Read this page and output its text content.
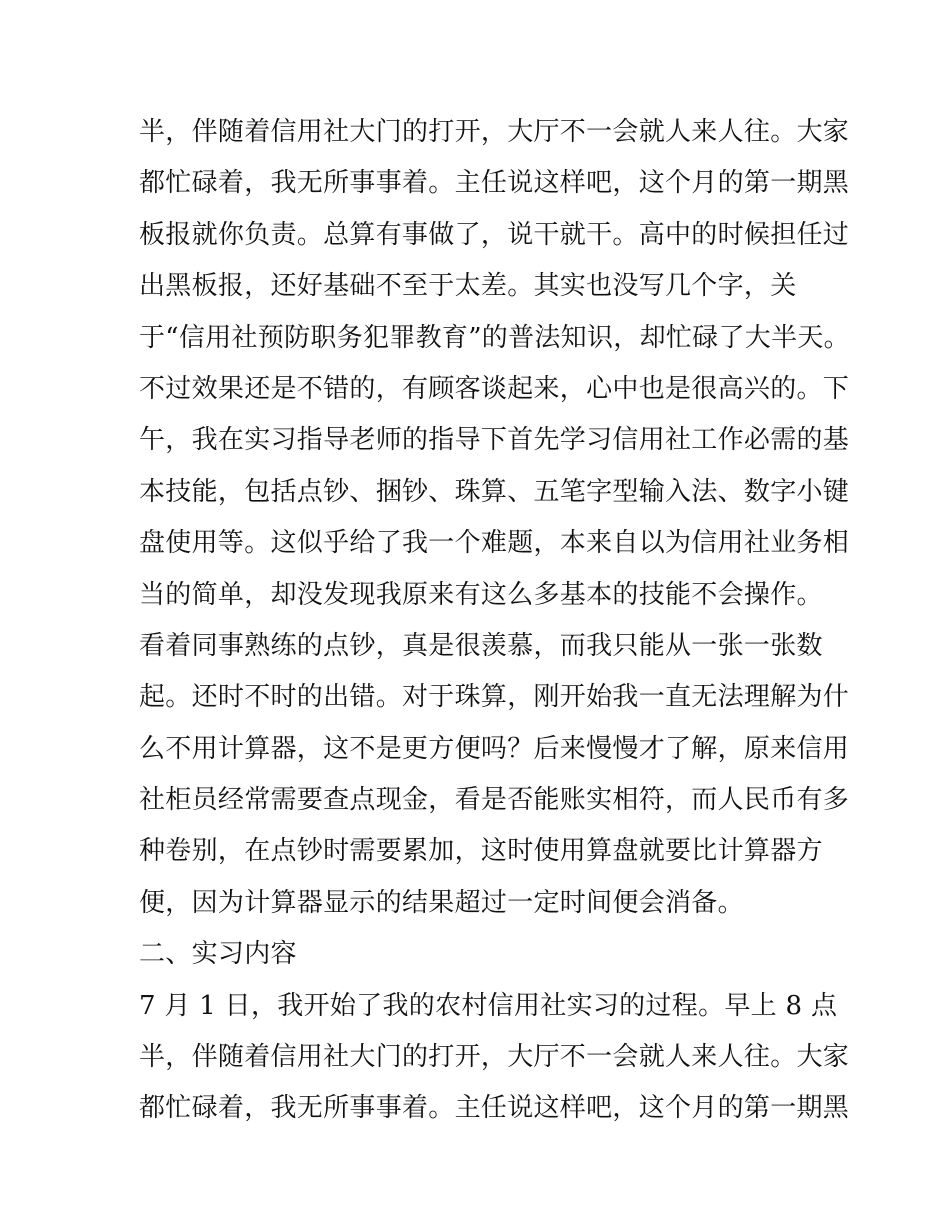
半，伴随着信用社大门的打开，大厅不一会就人来人往。大家
都忙碌着，我无所事事着。主任说这样吧，这个月的第一期黑
板报就你负责。总算有事做了，说干就干。高中的时候担任过
出黑板报，还好基础不至于太差。其实也没写几个字，关
于“信用社预防职务犯罪教育”的普法知识，却忙碌了大半天。
不过效果还是不错的，有顾客谈起来，心中也是很高兴的。下
午，我在实习指导老师的指导下首先学习信用社工作必需的基
本技能，包括点钞、捆钞、珠算、五笔字型输入法、数字小键
盘使用等。这似乎给了我一个难题，本来自以为信用社业务相
当的简单，却没发现我原来有这么多基本的技能不会操作。
看着同事熟练的点钞，真是很羡慕，而我只能从一张一张数
起。还时不时的出错。对于珠算，刚开始我一直无法理解为什
么不用计算器，这不是更方便吗？后来慢慢才了解，原来信用
社柜员经常需要查点现金，看是否能账实相符，而人民币有多
种卷别，在点钞时需要累加，这时使用算盘就要比计算器方
便，因为计算器显示的结果超过一定时间便会消备。
二、实习内容
7 月 1 日，我开始了我的农村信用社实习的过程。早上 8 点
半，伴随着信用社大门的打开，大厅不一会就人来人往。大家
都忙碌着，我无所事事着。主任说这样吧，这个月的第一期黑
